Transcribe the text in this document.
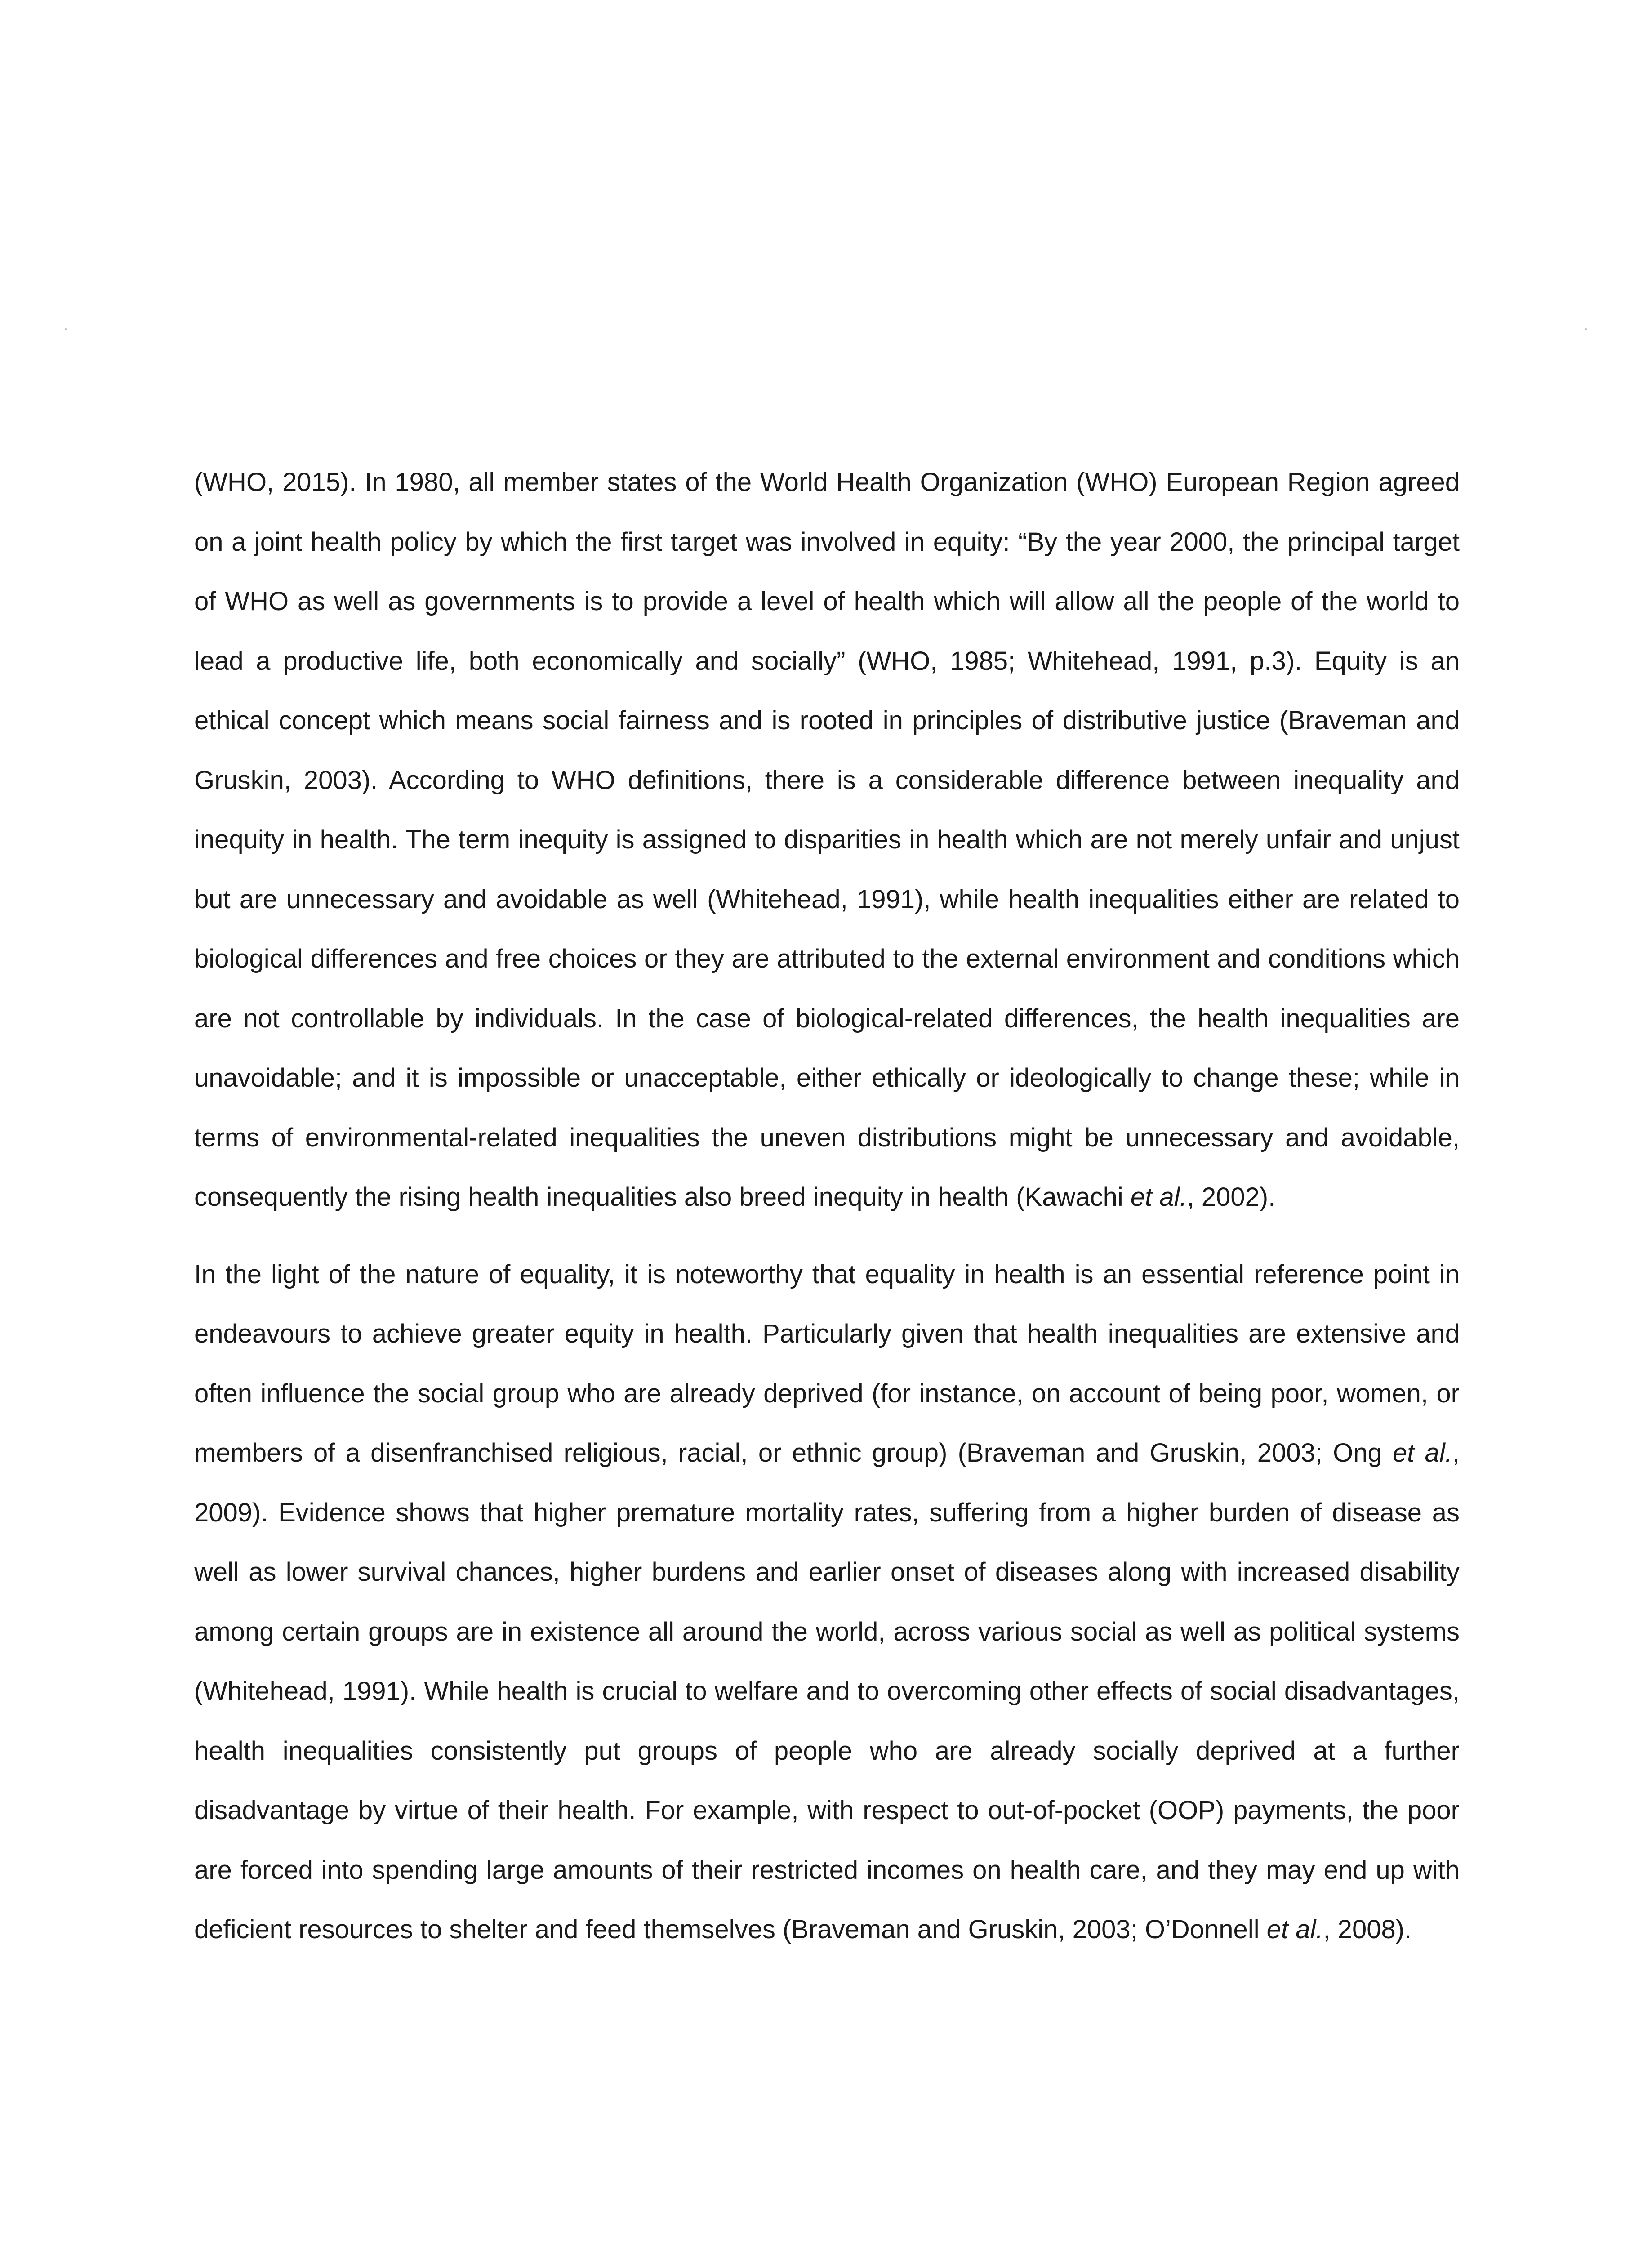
(WHO, 2015). In 1980, all member states of the World Health Organization (WHO) European Region agreed on a joint health policy by which the first target was involved in equity: “By the year 2000, the principal target of WHO as well as governments is to provide a level of health which will allow all the people of the world to lead a productive life, both economically and socially” (WHO, 1985; Whitehead, 1991, p.3). Equity is an ethical concept which means social fairness and is rooted in principles of distributive justice (Braveman and Gruskin, 2003). According to WHO definitions, there is a considerable difference between inequality and inequity in health. The term inequity is assigned to disparities in health which are not merely unfair and unjust but are unnecessary and avoidable as well (Whitehead, 1991), while health inequalities either are related to biological differences and free choices or they are attributed to the external environment and conditions which are not controllable by individuals. In the case of biological-related differences, the health inequalities are unavoidable; and it is impossible or unacceptable, either ethically or ideologically to change these; while in terms of environmental-related inequalities the uneven distributions might be unnecessary and avoidable, consequently the rising health inequalities also breed inequity in health (Kawachi et al., 2002).

In the light of the nature of equality, it is noteworthy that equality in health is an essential reference point in endeavours to achieve greater equity in health. Particularly given that health inequalities are extensive and often influence the social group who are already deprived (for instance, on account of being poor, women, or members of a disenfranchised religious, racial, or ethnic group) (Braveman and Gruskin, 2003; Ong et al., 2009). Evidence shows that higher premature mortality rates, suffering from a higher burden of disease as well as lower survival chances, higher burdens and earlier onset of diseases along with increased disability among certain groups are in existence all around the world, across various social as well as political systems (Whitehead, 1991). While health is crucial to welfare and to overcoming other effects of social disadvantages, health inequalities consistently put groups of people who are already socially deprived at a further disadvantage by virtue of their health. For example, with respect to out-of-pocket (OOP) payments, the poor are forced into spending large amounts of their restricted incomes on health care, and they may end up with deficient resources to shelter and feed themselves (Braveman and Gruskin, 2003; O’Donnell et al., 2008).
